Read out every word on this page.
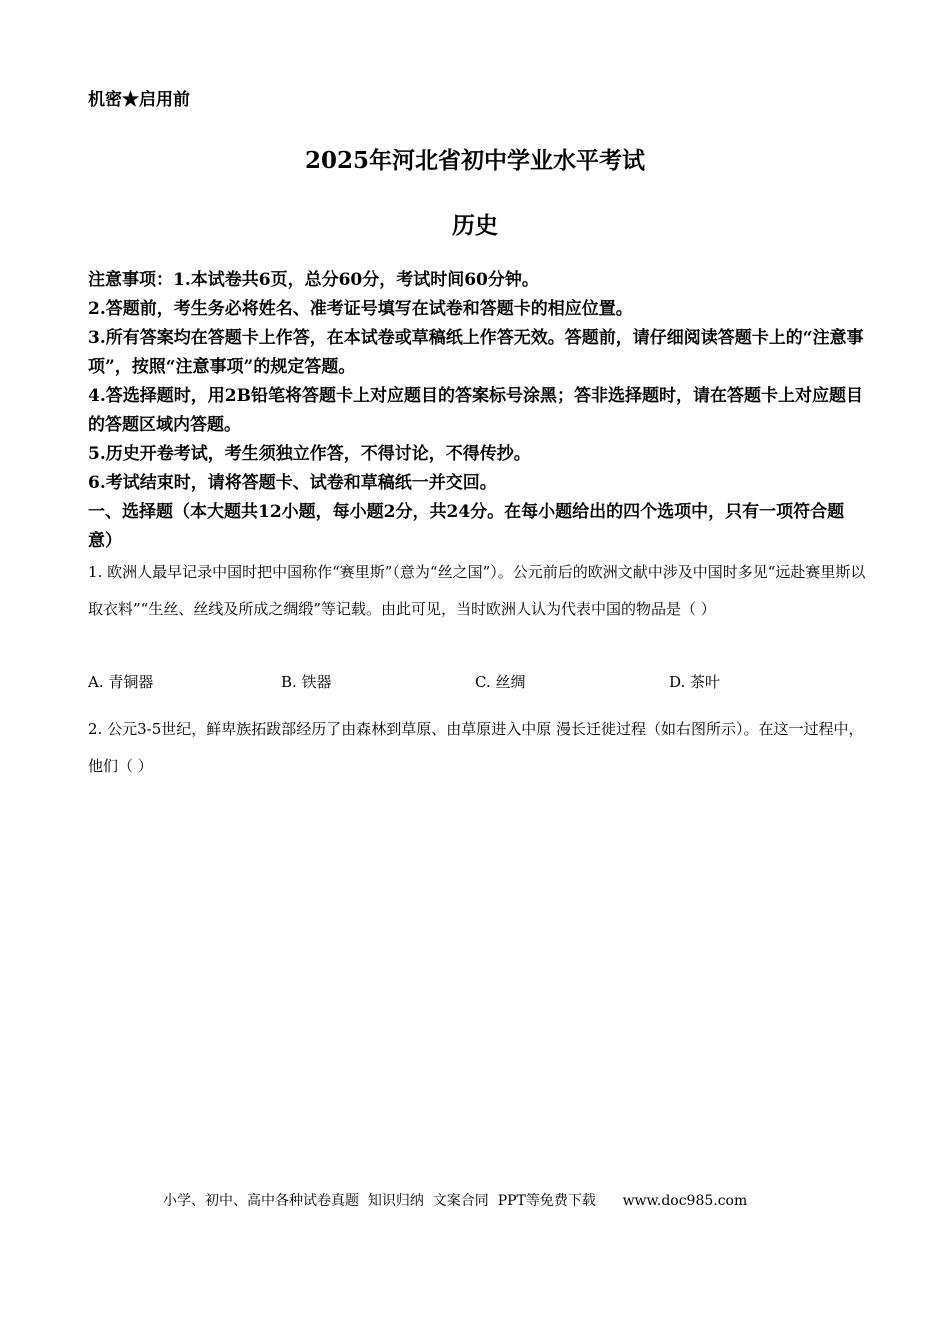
机密★启用前
2025年河北省初中学业水平考试
历史

注意事项：1.本试卷共6页，总分60分，考试时间60分钟。

2.答题前，考生务必将姓名、准考证号填写在试卷和答题卡的相应位置。

3.所有答案均在答题卡上作答，在本试卷或草稿纸上作答无效。答题前，请仔细阅读答题卡上的“注意事项”，按照“注意事项”的规定答题。

4.答选择题时，用2B铅笔将答题卡上对应题目的答案标号涂黑；答非选择题时，请在答题卡上对应题目的答题区域内答题。

5.历史开卷考试，考生须独立作答，不得讨论，不得传抄。

6.考试结束时，请将答题卡、试卷和草稿纸一并交回。

一、选择题（本大题共12小题，每小题2分，共24分。在每小题给出的四个选项中，只有一项符合题意）

1. 欧洲人最早记录中国时把中国称作“赛里斯”（意为“丝之国”）。公元前后的欧洲文献中涉及中国时多见“远赴赛里斯以取衣料”“生丝、丝线及所成之绸缎”等记载。由此可见，当时欧洲人认为代表中国的物品是（ ）

A. 青铜器	B. 铁器	C. 丝绸	D. 茶叶

2. 公元3-5世纪，鲜卑族拓跋部经历了由森林到草原、由草原进入中原 漫长迁徙过程（如右图所示）。在这一过程中，他们（ ）

小学、初中、高中各种试卷真题  知识归纳  文案合同  PPT等免费下载      www.doc985.com
